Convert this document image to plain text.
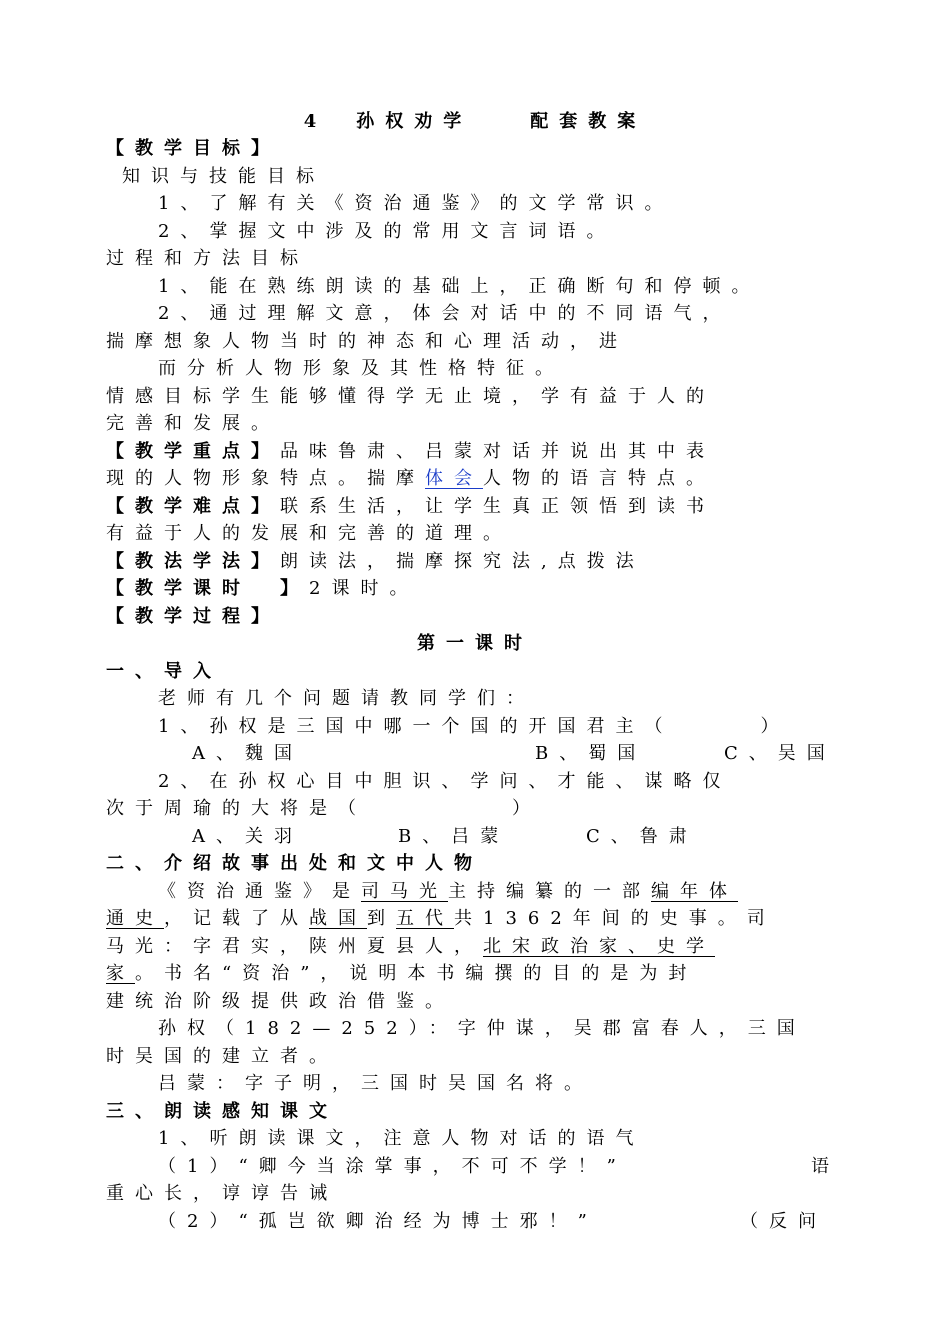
4　孙权劝学　　配套教案
【教学目标】
知识与技能目标
1、了解有关《资治通鉴》的文学常识。
2、掌握文中涉及的常用文言词语。
过程和方法目标
1、能在熟练朗读的基础上，正确断句和停顿。
2、通过理解文意，体会对话中的不同语气，
揣摩想象人物当时的神态和心理活动，进
而分析人物形象及其性格特征。
情感目标学生能够懂得学无止境，学有益于人的
完善和发展。
【教学重点】品味鲁肃、吕蒙对话并说出其中表
现的人物形象特点。揣摩体会人物的语言特点。
【教学难点】联系生活，让学生真正领悟到读书
有益于人的发展和完善的道理。
【教法学法】朗读法，揣摩探究法,点拨法
【教学课时　】2课时。
【教学过程】
第一课时
一、导入
老师有几个问题请教同学们：
1、孙权是三国中哪一个国的开国君主（　　　）
A、魏国	B、蜀国	C、吴国
2、在孙权心目中胆识、学问、才能、谋略仅
次于周瑜的大将是（　　　　　）
A、关羽	B、吕蒙	C、鲁肃
二、介绍故事出处和文中人物
《资治通鉴》是司马光主持编纂的一部编年体
通史，记载了从战国到五代共1362年间的史事。司
马光：字君实，陕州夏县人，北宋政治家、史学
家。书名“资治”，说明本书编撰的目的是为封
建统治阶级提供政治借鉴。
孙权（182—252）：字仲谋，吴郡富春人，三国
时吴国的建立者。
吕蒙：字子明，三国时吴国名将。
三、朗读感知课文
1、听朗读课文，注意人物对话的语气
（1）“卿今当涂掌事，不可不学！”	语
重心长，谆谆告诫
（2）“孤岂欲卿治经为博士邪！”	（反问
